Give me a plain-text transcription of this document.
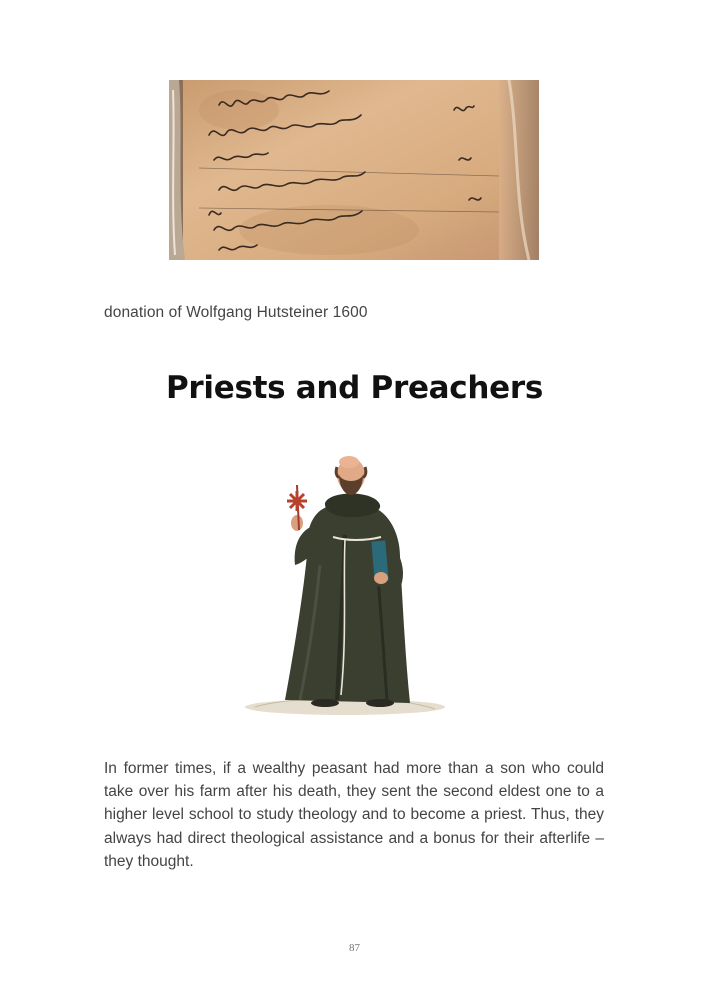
donation of Wolfgang Hutsteiner 1600
Priests and Preachers
In former times, if a wealthy peasant had more than a son who could take over his farm after his death, they sent the second eldest one to a higher level school to study theology and to become a priest. Thus, they always had direct theological assistance and a bonus for their afterlife – they thought.
87
